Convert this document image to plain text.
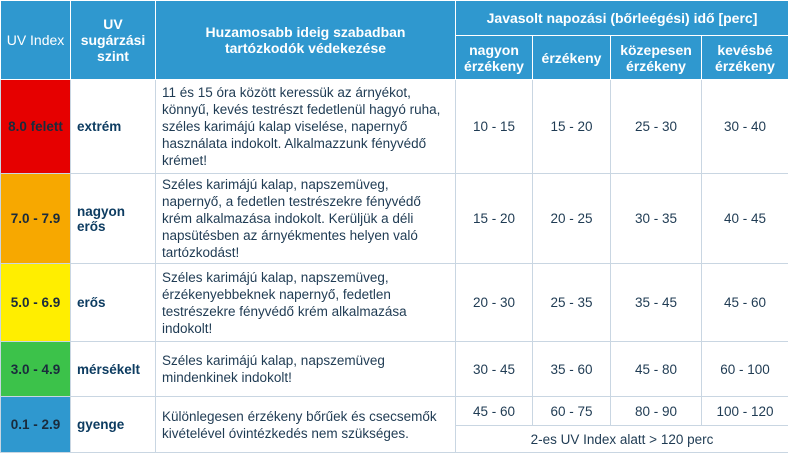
UV Index	UV sugárzási szint	Huzamosabb ideig szabadban tartózkodók védekezése	Javasolt napozási (bőrleégési) idő [perc]			
			nagyon érzékeny	érzékeny	közepesen érzékeny	kevésbé érzékeny
8.0 felett	extrém	11 és 15 óra között keressük az árnyékot, könnyű, kevés testrészt fedetlenül hagyó ruha, széles karimájú kalap viselése, napernyő használata indokolt. Alkalmazzunk fényvédő krémet!	10 - 15	15 - 20	25 - 30	30 - 40
7.0 - 7.9	nagyon erős	Széles karimájú kalap, napszemüveg, napernyő, a fedetlen testrészekre fényvédő krém alkalmazása indokolt. Kerüljük a déli napsütésben az árnyékmentes helyen való tartózkodást!	15 - 20	20 - 25	30 - 35	40 - 45
5.0 - 6.9	erős	Széles karimájú kalap, napszemüveg, érzékenyebbeknek napernyő, fedetlen testrészekre fényvédő krém alkalmazása indokolt!	20 - 30	25 - 35	35 - 45	45 - 60
3.0 - 4.9	mérsékelt	Széles karimájú kalap, napszemüveg mindenkinek indokolt!	30 - 45	35 - 60	45 - 80	60 - 100
0.1 - 2.9	gyenge	Különlegesen érzékeny bőrűek és csecsemők kivételével óvintézkedés nem szükséges.	45 - 60	60 - 75	80 - 90	100 - 120
			2-es UV Index alatt > 120 perc			
